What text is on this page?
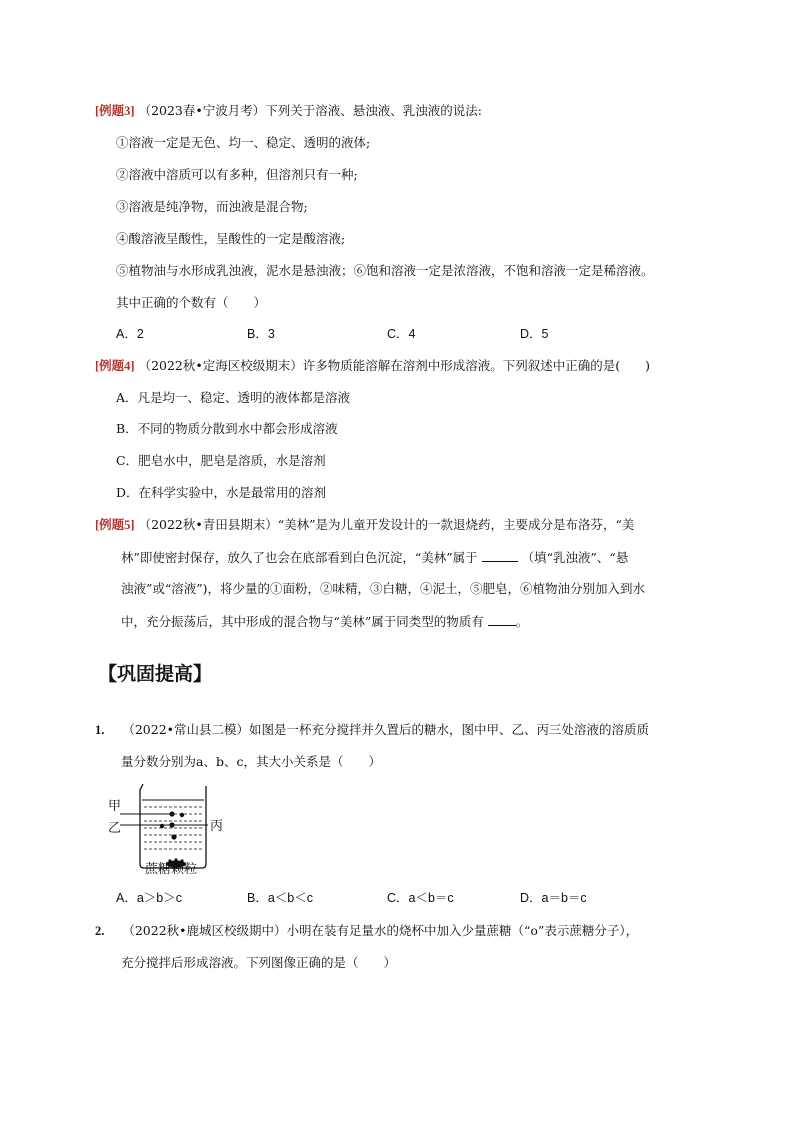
[例题3] （2023春•宁波月考）下列关于溶液、悬浊液、乳浊液的说法:
①溶液一定是无色、均一、稳定、透明的液体;
②溶液中溶质可以有多种，但溶剂只有一种;
③溶液是纯净物，而浊液是混合物;
④酸溶液呈酸性，呈酸性的一定是酸溶液;
⑤植物油与水形成乳浊液，泥水是悬浊液；⑥饱和溶液一定是浓溶液，不饱和溶液一定是稀溶液。
其中正确的个数有（　　）
A．2	B．3	C．4	D．5
[例题4] （2022秋•定海区校级期末）许多物质能溶解在溶剂中形成溶液。下列叙述中正确的是(　　)
A．凡是均一、稳定、透明的液体都是溶液
B．不同的物质分散到水中都会形成溶液
C．肥皂水中，肥皂是溶质，水是溶剂
D．在科学实验中，水是最常用的溶剂
[例题5] （2022秋•青田县期末）“美林”是为儿童开发设计的一款退烧药，主要成分是布洛芬，“美
林”即使密封保存，放久了也会在底部看到白色沉淀，“美林”属于	（填“乳浊液”、“悬
浊液”或“溶液”)，将少量的①面粉，②味精，③白糖，④泥土，⑤肥皂，⑥植物油分别加入到水
中，充分振荡后，其中形成的混合物与“美林”属于同类型的物质有	。
【巩固提高】
1. （2022•常山县二模）如图是一杯充分搅拌并久置后的糖水，图中甲、乙、丙三处溶液的溶质质
量分数分别为a、b、c，其大小关系是（　　）
甲
乙	丙
蔗糖颗粒
A．a＞b＞c	B．a＜b＜c	C．a＜b＝c	D．a＝b＝c
2. （2022秋•鹿城区校级期中）小明在装有足量水的烧杯中加入少量蔗糖（“o”表示蔗糖分子），
充分搅拌后形成溶液。下列图像正确的是（　　）
